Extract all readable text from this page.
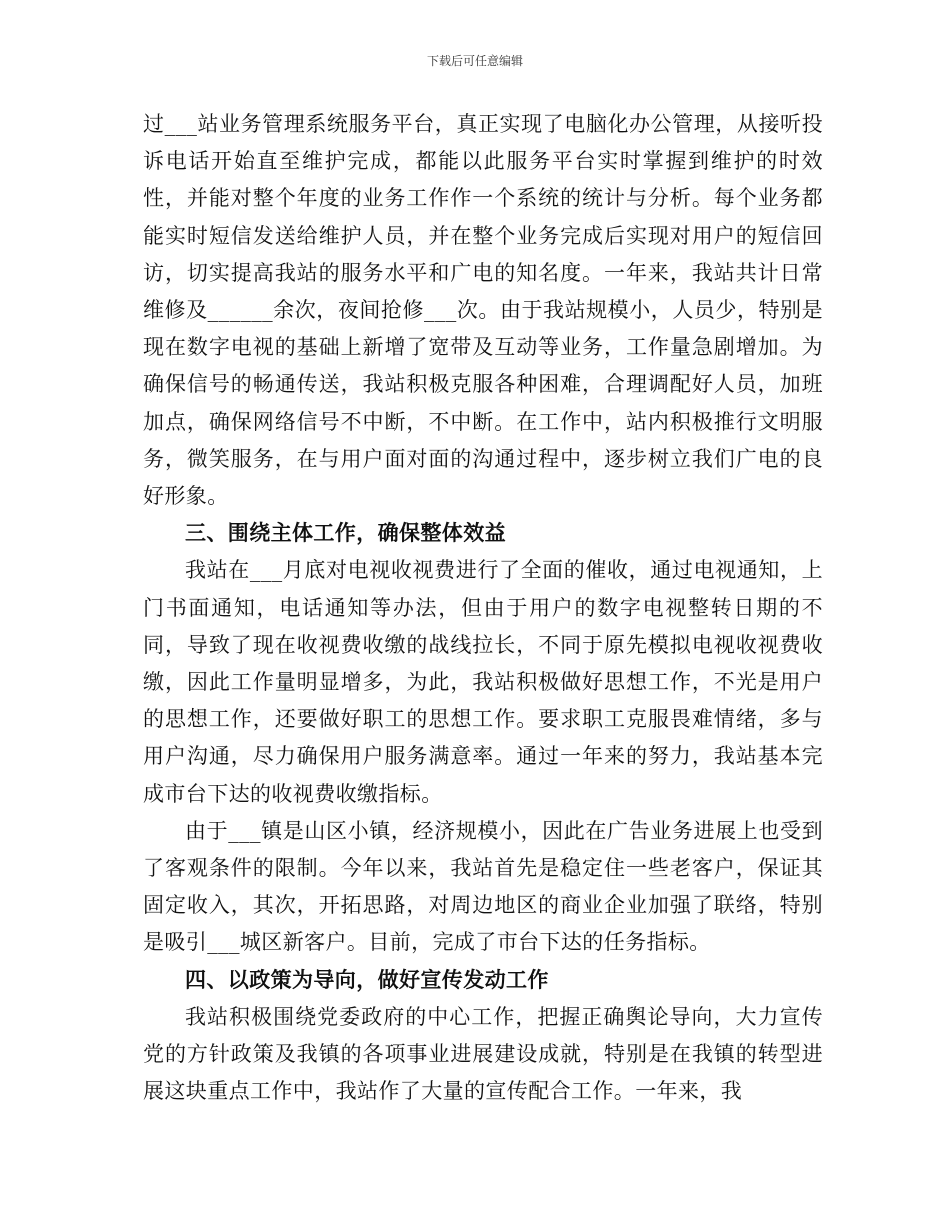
下载后可任意编辑

过___站业务管理系统服务平台，真正实现了电脑化办公管理，从接听投诉电话开始直至维护完成，都能以此服务平台实时掌握到维护的时效性，并能对整个年度的业务工作作一个系统的统计与分析。每个业务都能实时短信发送给维护人员，并在整个业务完成后实现对用户的短信回访，切实提高我站的服务水平和广电的知名度。一年来，我站共计日常维修及______余次，夜间抢修___次。由于我站规模小，人员少，特别是现在数字电视的基础上新增了宽带及互动等业务，工作量急剧增加。为确保信号的畅通传送，我站积极克服各种困难，合理调配好人员，加班加点，确保网络信号不中断，不中断。在工作中，站内积极推行文明服务，微笑服务，在与用户面对面的沟通过程中，逐步树立我们广电的良好形象。

三、围绕主体工作，确保整体效益

我站在___月底对电视收视费进行了全面的催收，通过电视通知，上门书面通知，电话通知等办法，但由于用户的数字电视整转日期的不同，导致了现在收视费收缴的战线拉长，不同于原先模拟电视收视费收缴，因此工作量明显增多，为此，我站积极做好思想工作，不光是用户的思想工作，还要做好职工的思想工作。要求职工克服畏难情绪，多与用户沟通，尽力确保用户服务满意率。通过一年来的努力，我站基本完成市台下达的收视费收缴指标。

由于___镇是山区小镇，经济规模小，因此在广告业务进展上也受到了客观条件的限制。今年以来，我站首先是稳定住一些老客户，保证其固定收入，其次，开拓思路，对周边地区的商业企业加强了联络，特别是吸引___城区新客户。目前，完成了市台下达的任务指标。

四、以政策为导向，做好宣传发动工作

我站积极围绕党委政府的中心工作，把握正确舆论导向，大力宣传党的方针政策及我镇的各项事业进展建设成就，特别是在我镇的转型进展这块重点工作中，我站作了大量的宣传配合工作。一年来，我
